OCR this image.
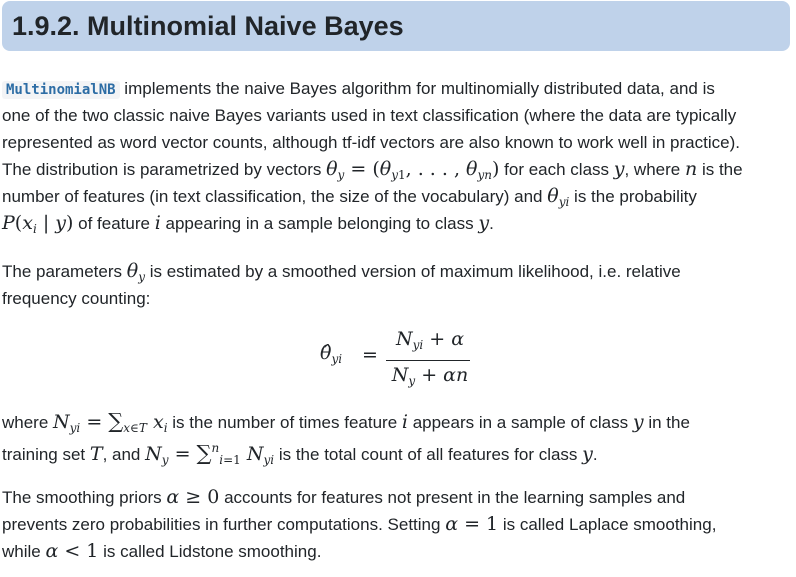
1.9.2. Multinomial Naive Bayes
MultinomialNB implements the naive Bayes algorithm for multinomially distributed data, and is
one of the two classic naive Bayes variants used in text classification (where the data are typically
represented as word vector counts, although tf-idf vectors are also known to work well in practice).
The distribution is parametrized by vectors $\theta_y = (\theta_{y1}$, . . . , $\theta_{yn}$) for each class y, where n is the
number of features (in text classification, the size of the vocabulary) and $\theta_{yi}$ is the probability
$P(x_i$ | y) of feature i appearing in a sample belonging to class y.
The parameters $\theta_y$ is estimated by a smoothed version of maximum likelihood, i.e. relative
frequency counting:
$\thetâ_{yi}$ =
$N_{yi} + \alpha$
$N_y + \alpha n$
where $N_{yi} = \sum_{x\in T}$ $x_i$ is the number of times feature i appears in a sample of class y in the
training set T, and $N_y = \sum^n_{i=1}$ $N_{yi}$ is the total count of all features for class y.
The smoothing priors α ≥ 0 accounts for features not present in the learning samples and
prevents zero probabilities in further computations. Setting α = 1 is called Laplace smoothing,
while α < 1 is called Lidstone smoothing.
